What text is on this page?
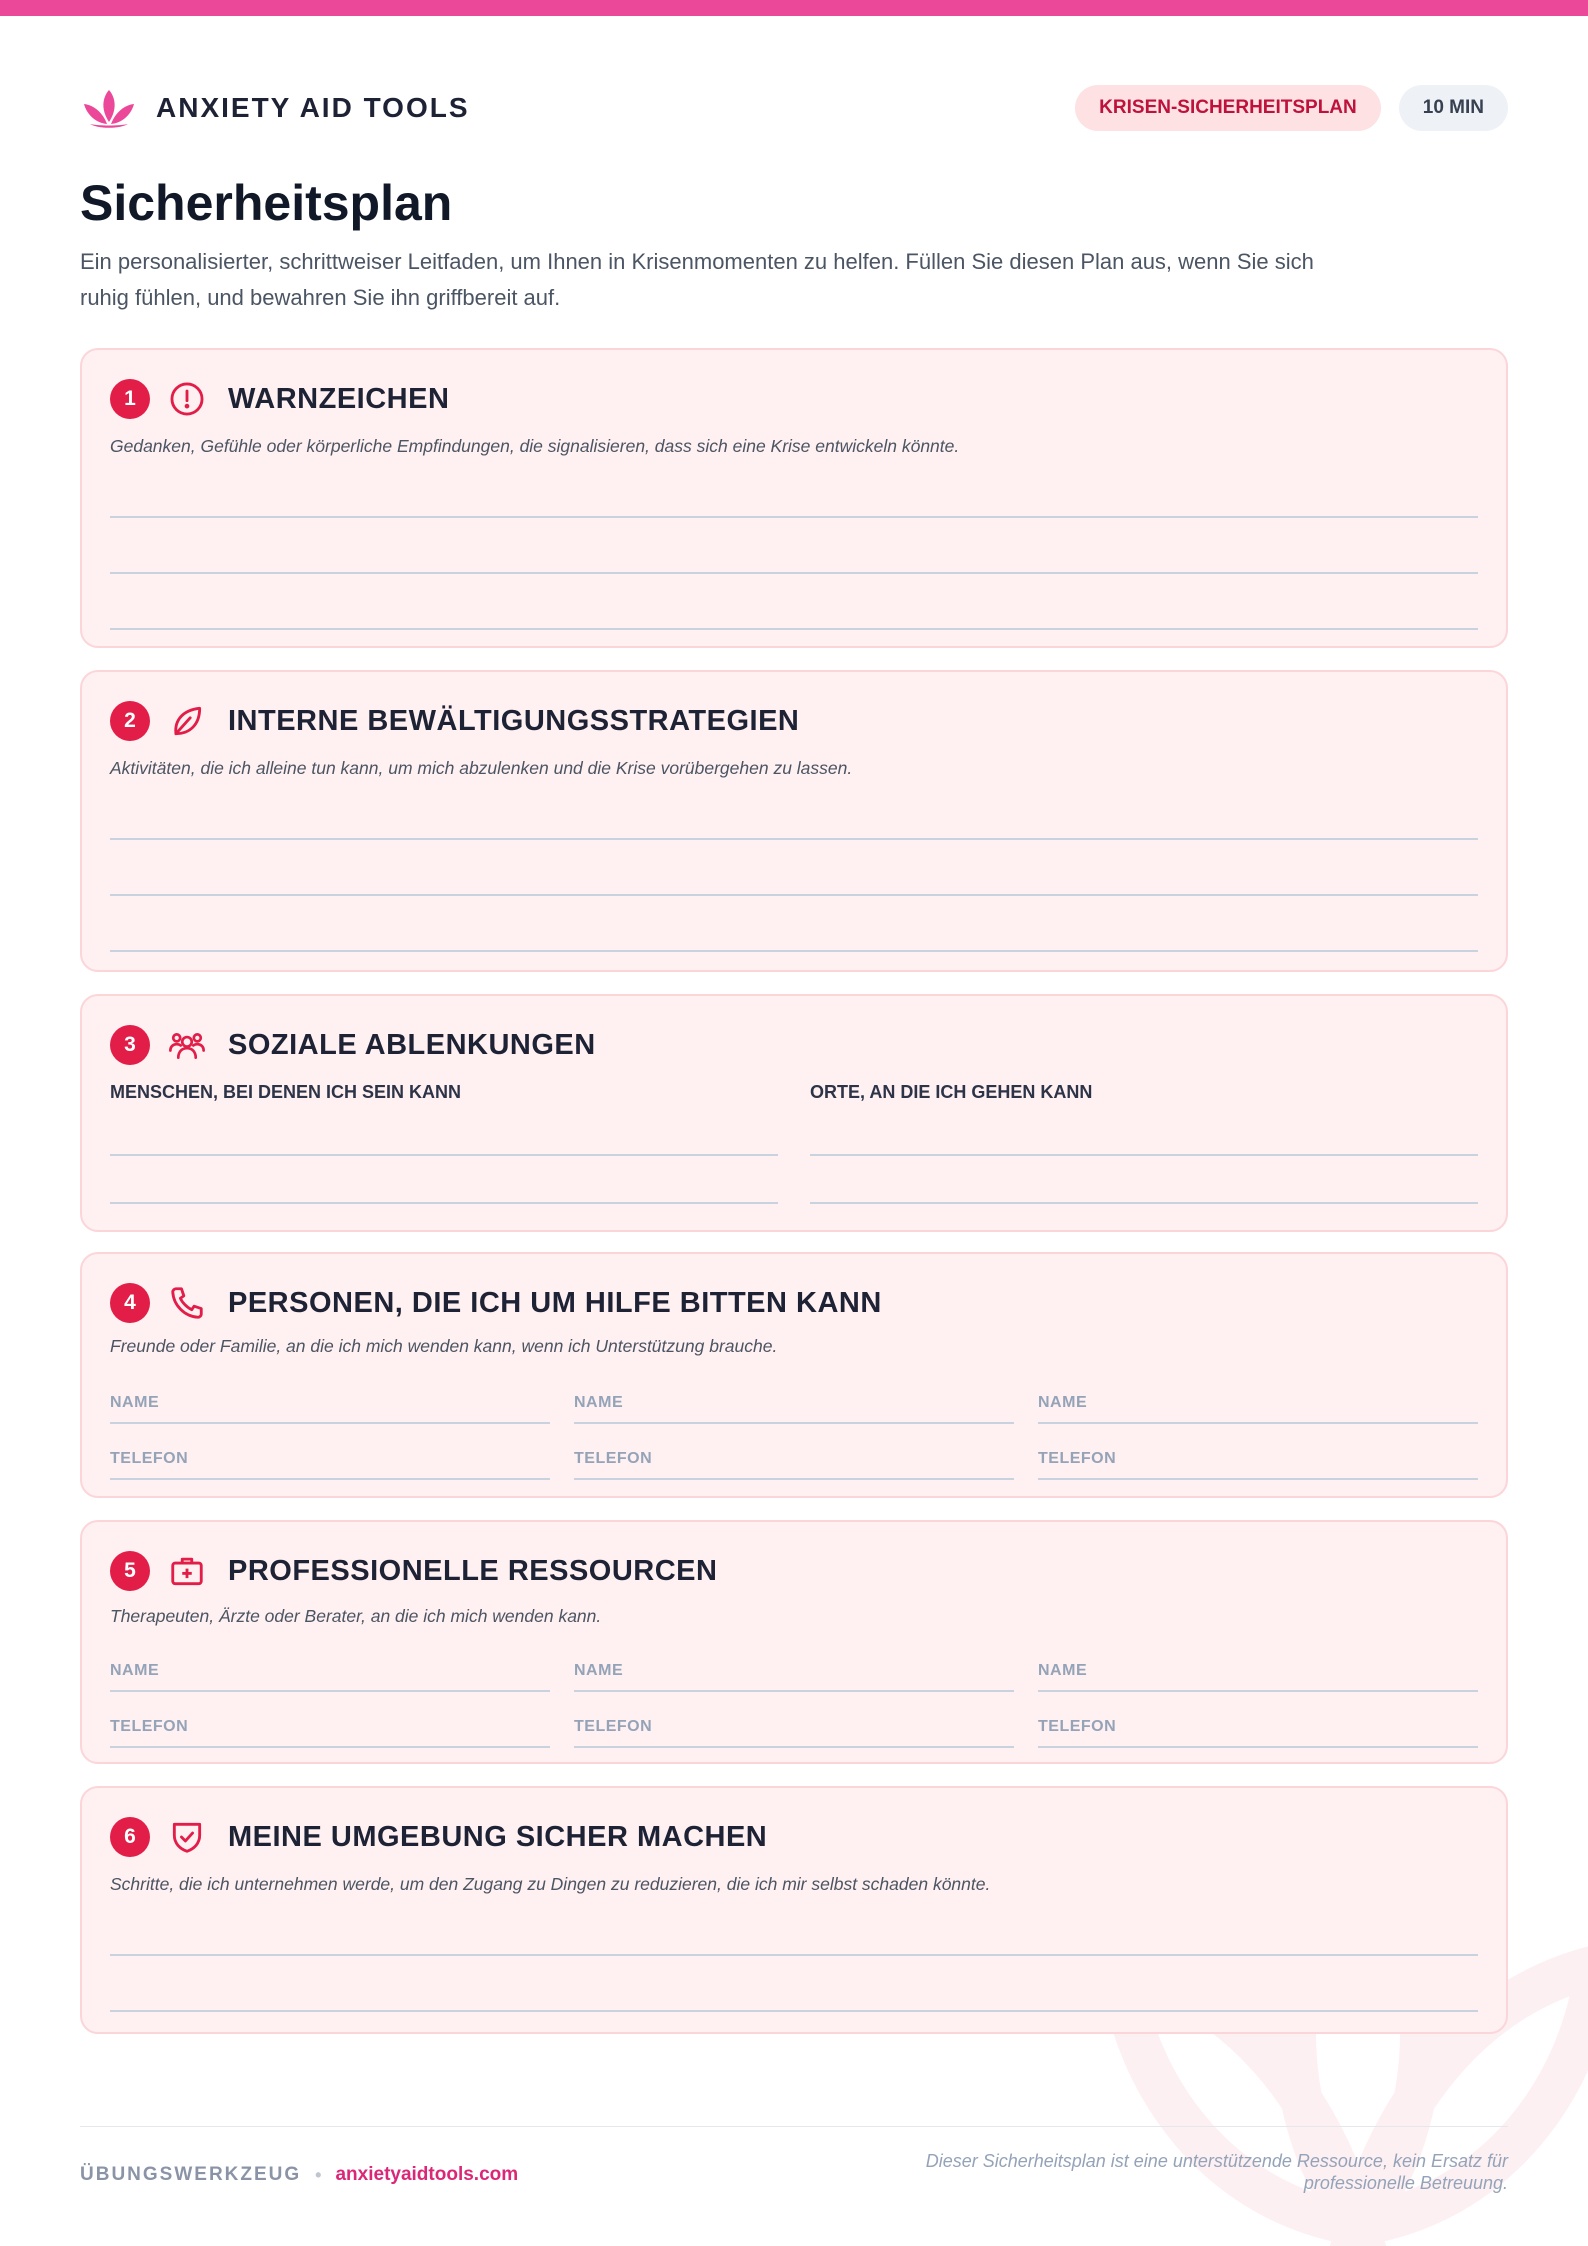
ANXIETY AID TOOLS	KRISEN-SICHERHEITSPLAN	10 MIN
Sicherheitsplan

Ein personalisierter, schrittweiser Leitfaden, um Ihnen in Krisenmomenten zu helfen. Füllen Sie diesen Plan aus, wenn Sie sich ruhig fühlen, und bewahren Sie ihn griffbereit auf.

1	WARNZEICHEN

Gedanken, Gefühle oder körperliche Empfindungen, die signalisieren, dass sich eine Krise entwickeln könnte.

2	INTERNE BEWÄLTIGUNGSSTRATEGIEN

Aktivitäten, die ich alleine tun kann, um mich abzulenken und die Krise vorübergehen zu lassen.

3	SOZIALE ABLENKUNGEN
MENSCHEN, BEI DENEN ICH SEIN KANN	ORTE, AN DIE ICH GEHEN KANN
4	PERSONEN, DIE ICH UM HILFE BITTEN KANN

Freunde oder Familie, an die ich mich wenden kann, wenn ich Unterstützung brauche.

NAME	NAME	NAME
TELEFON	TELEFON	TELEFON
5	PROFESSIONELLE RESSOURCEN

Therapeuten, Ärzte oder Berater, an die ich mich wenden kann.

NAME	NAME	NAME
TELEFON	TELEFON	TELEFON
6	MEINE UMGEBUNG SICHER MACHEN

Schritte, die ich unternehmen werde, um den Zugang zu Dingen zu reduzieren, die ich mir selbst schaden könnte.

ÜBUNGSWERKZEUG • anxietyaidtools.com
Dieser Sicherheitsplan ist eine unterstützende Ressource, kein Ersatz für
professionelle Betreuung.
